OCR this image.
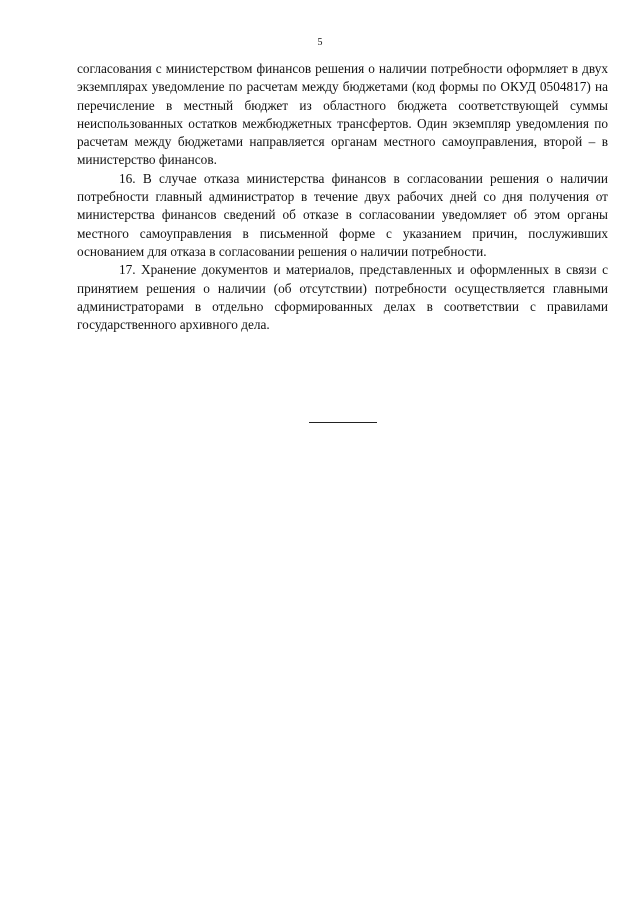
5

согласования с министерством финансов решения о наличии потребности оформляет в двух экземплярах уведомление по расчетам между бюджетами (код формы по ОКУД 0504817) на перечисление в местный бюджет из областного бюджета соответствующей суммы неиспользованных остатков межбюджетных трансфертов. Один экземпляр уведомления по расчетам между бюджетами направляется органам местного самоуправления, второй – в министерство финансов.

16. В случае отказа министерства финансов в согласовании решения о наличии потребности главный администратор в течение двух рабочих дней со дня получения от министерства финансов сведений об отказе в согласовании уведомляет об этом органы местного самоуправления в письменной форме с указанием причин, послуживших основанием для отказа в согласовании решения о наличии потребности.

17. Хранение документов и материалов, представленных и оформленных в связи с принятием решения о наличии (об отсутствии) потребности осуществляется главными администраторами в отдельно сформированных делах в соответствии с правилами государственного архивного дела.
